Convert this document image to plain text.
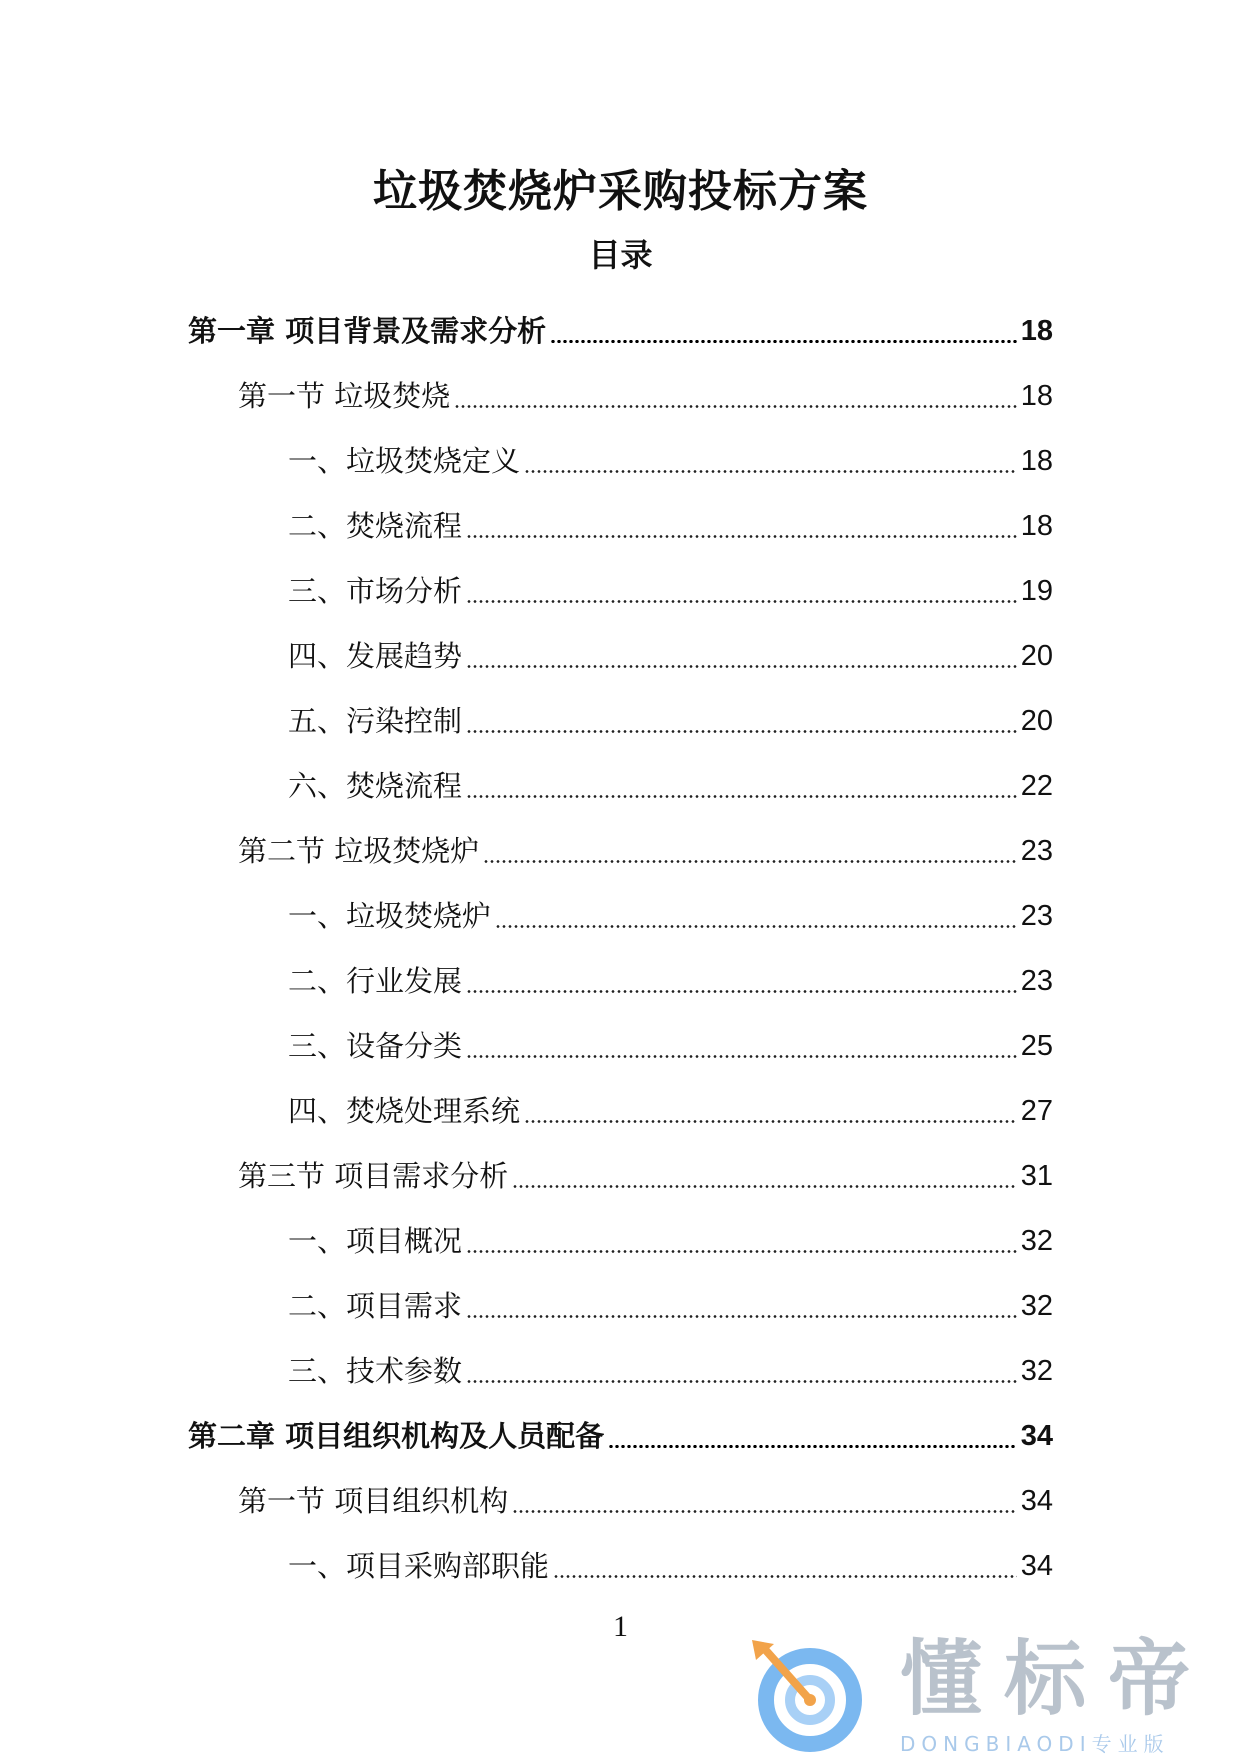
垃圾焚烧炉采购投标方案
目录
第一章 项目背景及需求分析	18
第一节 垃圾焚烧	18
一、垃圾焚烧定义	18
二、焚烧流程	18
三、市场分析	19
四、发展趋势	20
五、污染控制	20
六、焚烧流程	22
第二节 垃圾焚烧炉	23
一、垃圾焚烧炉	23
二、行业发展	23
三、设备分类	25
四、焚烧处理系统	27
第三节 项目需求分析	31
一、项目概况	32
二、项目需求	32
三、技术参数	32
第二章 项目组织机构及人员配备	34
第一节 项目组织机构	34
一、项目采购部职能	34
1
懂标帝
DONGBIAODI专业版
